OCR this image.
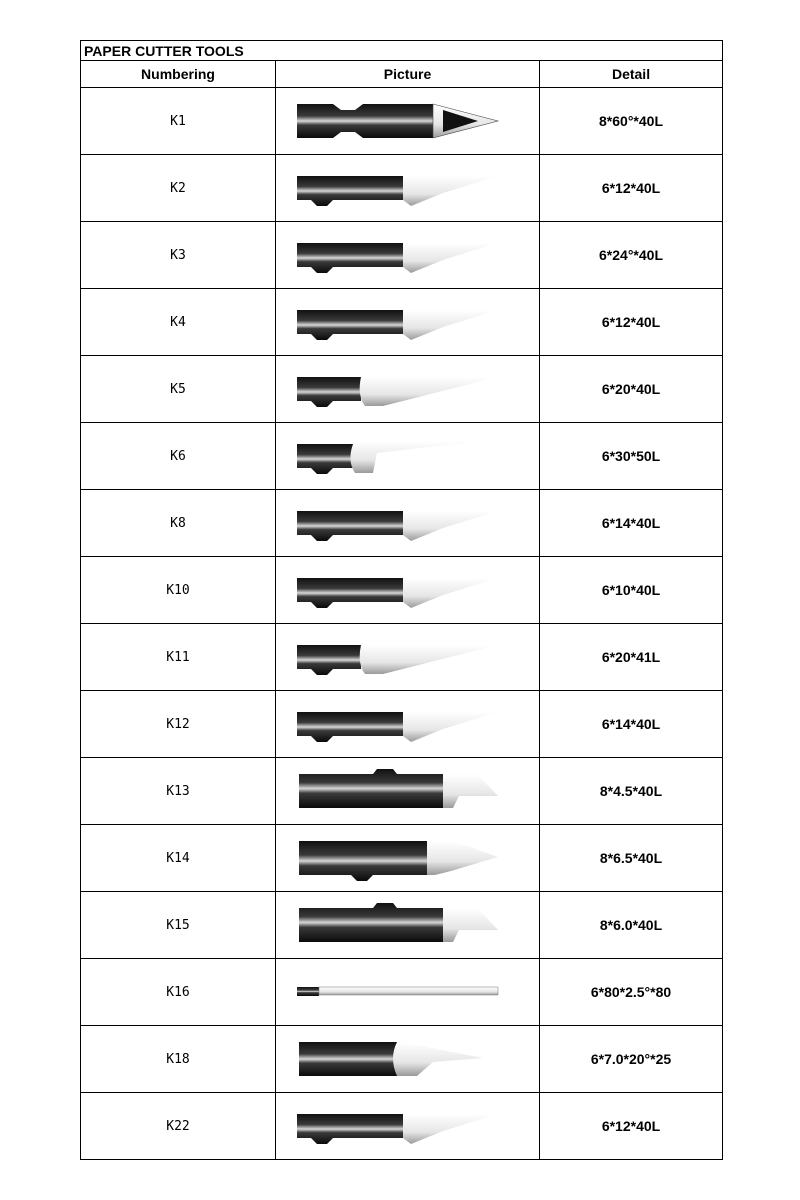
PAPER CUTTER TOOLS		
Numbering	Picture	Detail
K1		8*60°*40L
K2		6*12*40L
K3		6*24°*40L
K4		6*12*40L
K5		6*20*40L
K6		6*30*50L
K8		6*14*40L
K10		6*10*40L
K11		6*20*41L
K12		6*14*40L
K13		8*4.5*40L
K14		8*6.5*40L
K15		8*6.0*40L
K16		6*80*2.5°*80
K18		6*7.0*20°*25
K22		6*12*40L
